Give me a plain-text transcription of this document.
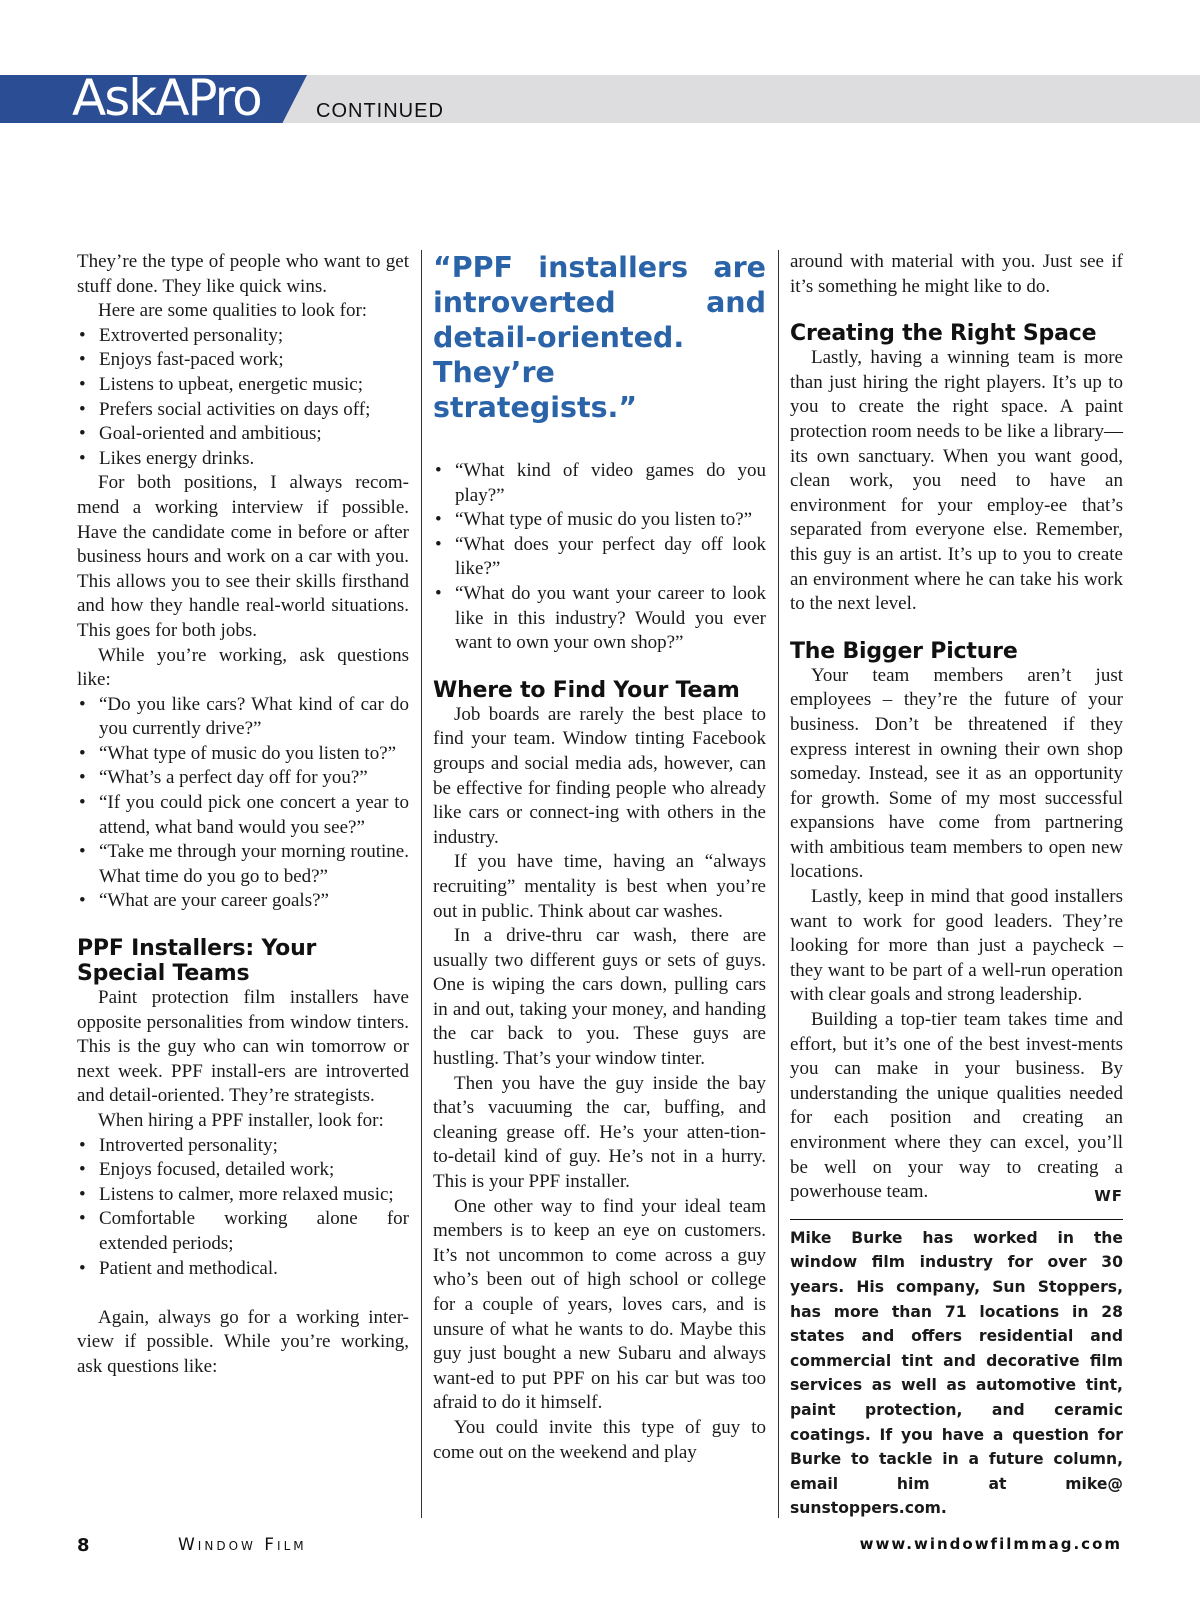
AskAPro	CONTINUED

They’re the type of people who want to get stuff done. They like quick wins.

Here are some qualities to look for:

• Extroverted personality;
• Enjoys fast-paced work;
• Listens to upbeat, energetic music;
• Prefers social activities on days off;
• Goal-oriented and ambitious;
• Likes energy drinks.

For both positions, I always recom-mend a working interview if possible. Have the candidate come in before or after business hours and work on a car with you. This allows you to see their skills firsthand and how they handle real-world situations. This goes for both jobs.

While you’re working, ask questions like:

• “Do you like cars? What kind of car do you currently drive?”
• “What type of music do you listen to?”
• “What’s a perfect day off for you?”
• “If you could pick one concert a year to attend, what band would you see?”
• “Take me through your morning routine. What time do you go to bed?”
• “What are your career goals?”
PPF Installers: Your Special Teams

Paint protection film installers have opposite personalities from window tinters. This is the guy who can win tomorrow or next week. PPF install-ers are introverted and detail-oriented. They’re strategists.

When hiring a PPF installer, look for:

• Introverted personality;
• Enjoys focused, detailed work;
• Listens to calmer, more relaxed music;
• Comfortable working alone for extended periods;
• Patient and methodical.

Again, always go for a working inter-view if possible. While you’re working, ask questions like:

“PPF installers are introverted and detail-oriented. They’re strategists.”

• “What kind of video games do you play?”
• “What type of music do you listen to?”
• “What does your perfect day off look like?”
• “What do you want your career to look like in this industry? Would you ever want to own your own shop?”
Where to Find Your Team

Job boards are rarely the best place to find your team. Window tinting Facebook groups and social media ads, however, can be effective for finding people who already like cars or connect-ing with others in the industry.

If you have time, having an “always recruiting” mentality is best when you’re out in public. Think about car washes.

In a drive-thru car wash, there are usually two different guys or sets of guys. One is wiping the cars down, pulling cars in and out, taking your money, and handing the car back to you. These guys are hustling. That’s your window tinter.

Then you have the guy inside the bay that’s vacuuming the car, buffing, and cleaning grease off. He’s your atten-tion-to-detail kind of guy. He’s not in a hurry. This is your PPF installer.

One other way to find your ideal team members is to keep an eye on customers. It’s not uncommon to come across a guy who’s been out of high school or college for a couple of years, loves cars, and is unsure of what he wants to do. Maybe this guy just bought a new Subaru and always want-ed to put PPF on his car but was too afraid to do it himself.

You could invite this type of guy to come out on the weekend and play

around with material with you. Just see if it’s something he might like to do.

Creating the Right Space

Lastly, having a winning team is more than just hiring the right players. It’s up to you to create the right space. A paint protection room needs to be like a library—its own sanctuary. When you want good, clean work, you need to have an environment for your employ-ee that’s separated from everyone else. Remember, this guy is an artist. It’s up to you to create an environment where he can take his work to the next level.

The Bigger Picture

Your team members aren’t just employees – they’re the future of your business. Don’t be threatened if they express interest in owning their own shop someday. Instead, see it as an opportunity for growth. Some of my most successful expansions have come from partnering with ambitious team members to open new locations.

Lastly, keep in mind that good installers want to work for good leaders. They’re looking for more than just a paycheck – they want to be part of a well-run operation with clear goals and strong leadership.

Building a top-tier team takes time and effort, but it’s one of the best invest-ments you can make in your business. By understanding the unique qualities needed for each position and creating an environment where they can excel, you’ll be well on your way to creating a powerhouse team.	WF

Mike Burke has worked in the window film industry for over 30 years. His company, Sun Stoppers, has more than 71 locations in 28 states and offers residential and commercial tint and decorative film services as well as automotive tint, paint protection, and ceramic coatings. If you have a question for Burke to tackle in a future column, email him at mike@ sunstoppers.com.

8	Window Film	www.windowfilmmag.com
